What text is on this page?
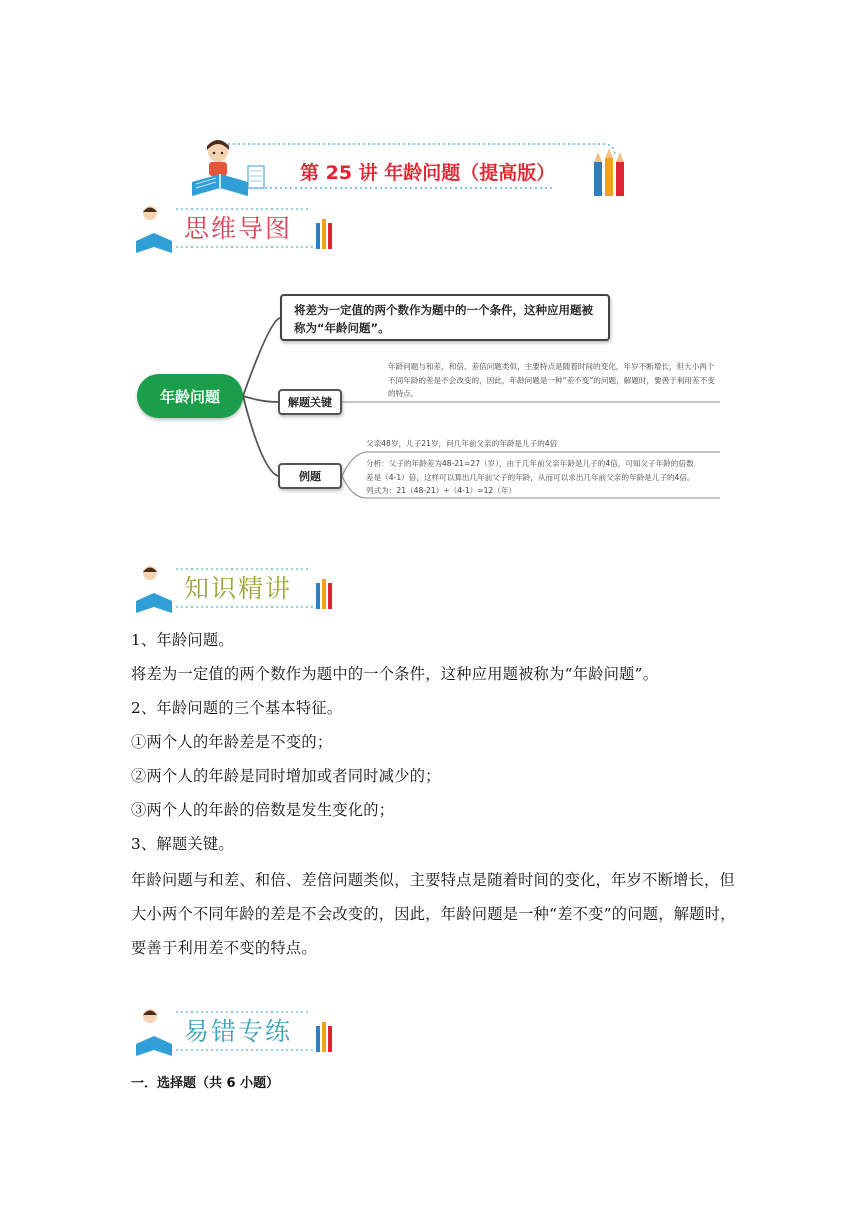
第 25 讲 年龄问题（提高版）
思维导图
年龄问题
将差为一定值的两个数作为题中的一个条件，这种应用题被称为“年龄问题”。
解题关键
年龄问题与和差、和倍、差倍问题类似，主要特点是随着时间的变化，年岁不断增长，但大小两个不同年龄的差是不会改变的，因此，年龄问题是一种“差不变”的问题，解题时，要善于利用差不变的特点。
例题
父亲48岁，儿子21岁，问几年前父亲的年龄是儿子的4倍
分析：父子的年龄差为48-21=27（岁），由于几年前父亲年龄是儿子的4倍，可知父子年龄的倍数差是（4-1）倍，这样可以算出几年前父子的年龄，从而可以求出几年前父亲的年龄是儿子的4倍。列式为：21（48-21）÷（4-1）=12（年）
知识精讲
1、年龄问题。
将差为一定值的两个数作为题中的一个条件，这种应用题被称为“年龄问题”。
2、年龄问题的三个基本特征。
①两个人的年龄差是不变的；
②两个人的年龄是同时增加或者同时减少的；
③两个人的年龄的倍数是发生变化的；
3、解题关键。
年龄问题与和差、和倍、差倍问题类似，主要特点是随着时间的变化，年岁不断增长，但大小两个不同年龄的差是不会改变的，因此，年龄问题是一种“差不变”的问题，解题时，要善于利用差不变的特点。
易错专练
一．选择题（共 6 小题）
